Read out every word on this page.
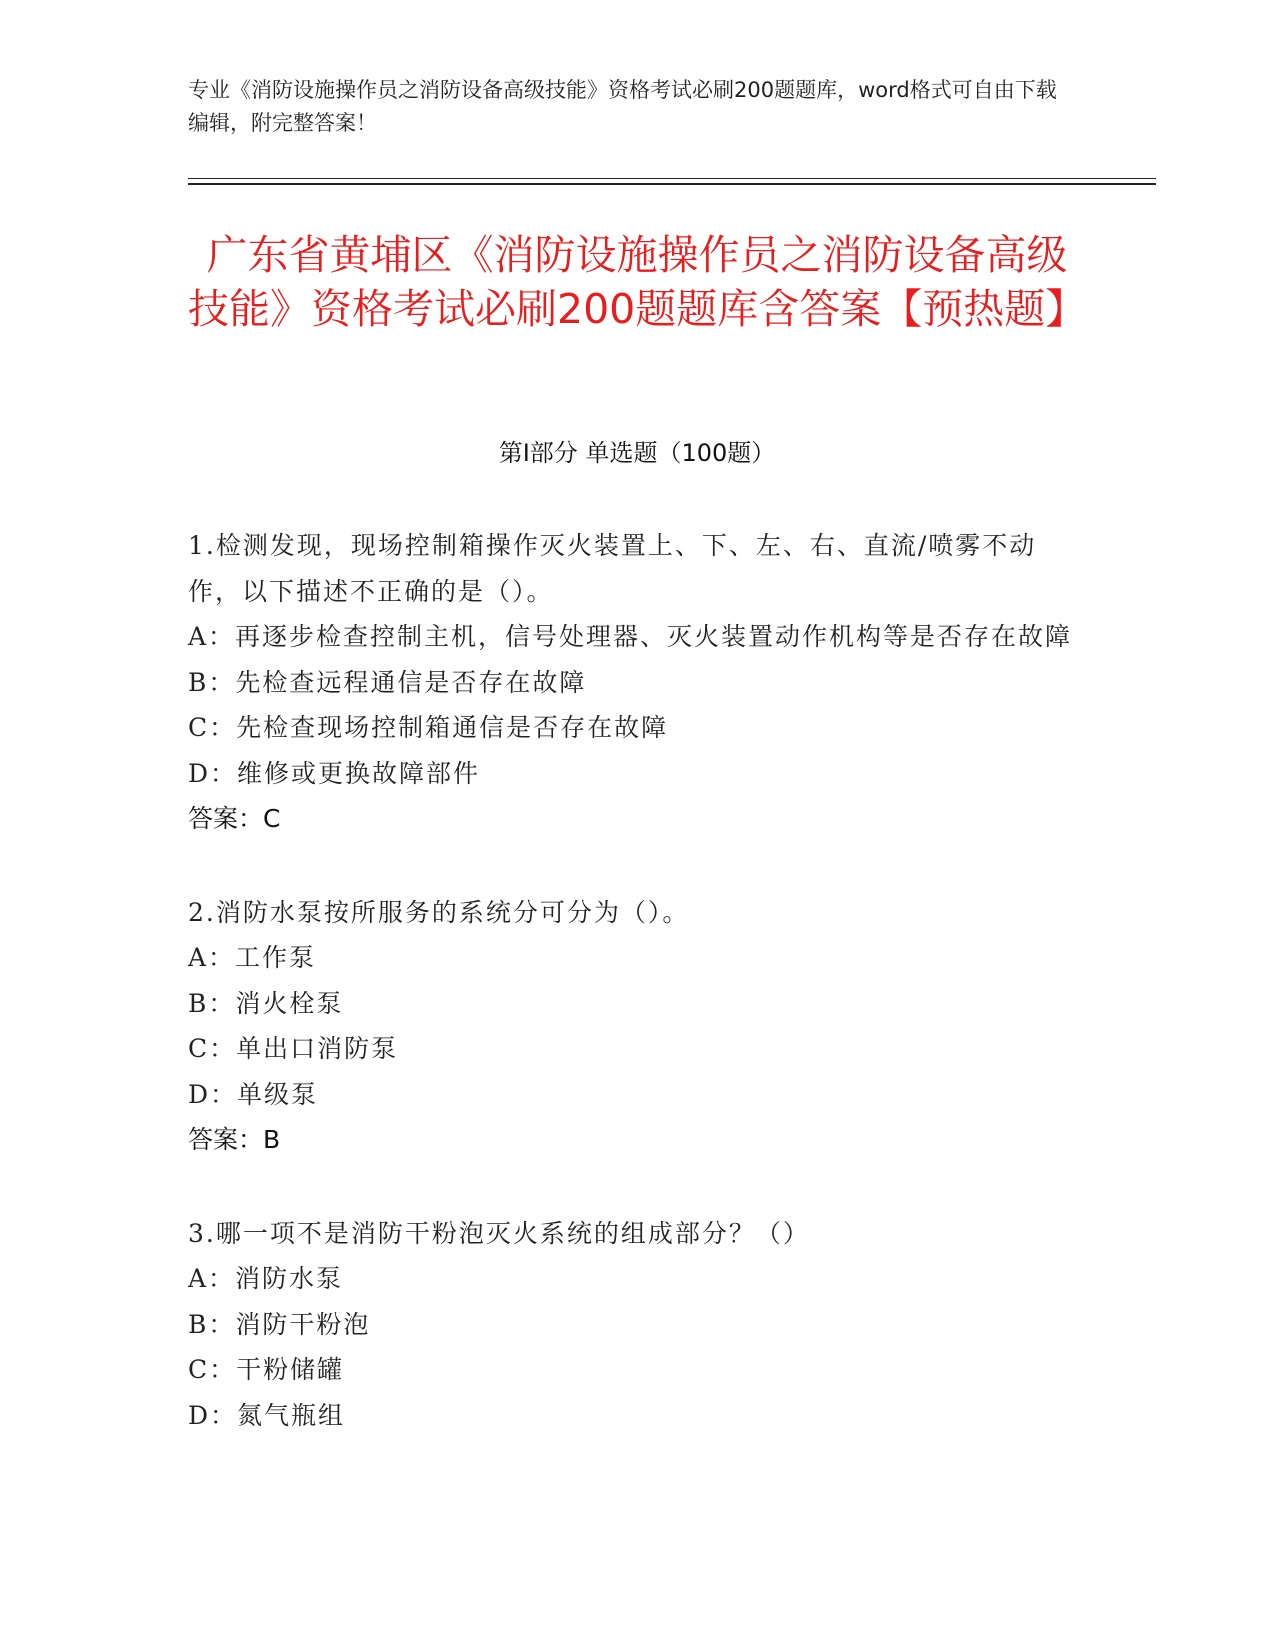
专业《消防设施操作员之消防设备高级技能》资格考试必刷200题题库，word格式可自由下载编辑，附完整答案！
广东省黄埔区《消防设施操作员之消防设备高级技能》资格考试必刷200题题库含答案【预热题】
第Ⅰ部分 单选题（100题）
1.检测发现，现场控制箱操作灭火装置上、下、左、右、直流/喷雾不动作，以下描述不正确的是（）。
A：再逐步检查控制主机，信号处理器、灭火装置动作机构等是否存在故障
B：先检查远程通信是否存在故障
C：先检查现场控制箱通信是否存在故障
D：维修或更换故障部件
答案：C
2.消防水泵按所服务的系统分可分为（）。
A：工作泵
B：消火栓泵
C：单出口消防泵
D：单级泵
答案：B
3.哪一项不是消防干粉泡灭火系统的组成部分？（）
A：消防水泵
B：消防干粉泡
C：干粉储罐
D：氮气瓶组
